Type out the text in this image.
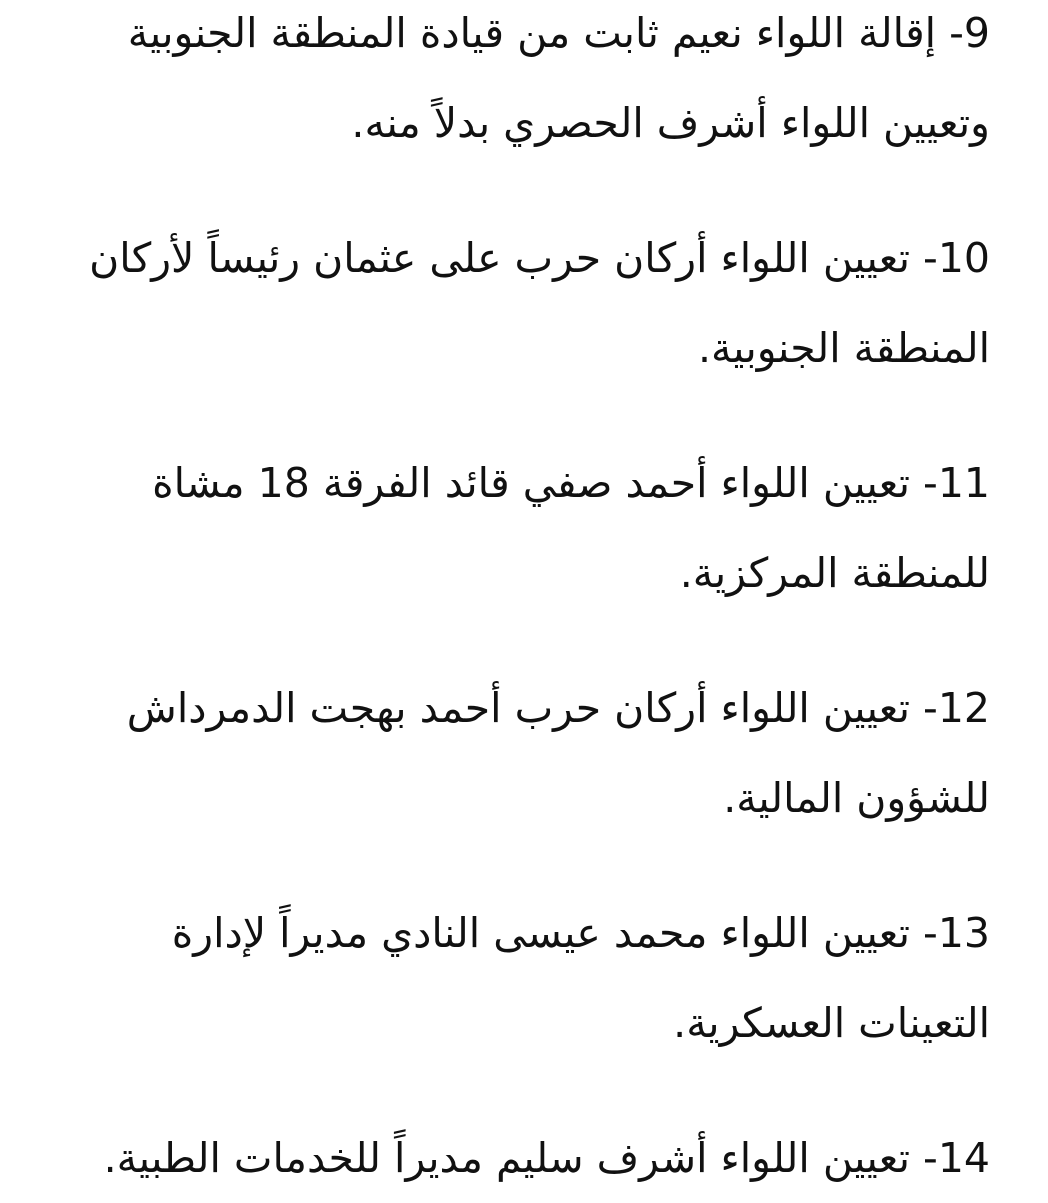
9- إقالة اللواء نعيم ثابت من قيادة المنطقة الجنوبية
وتعيين اللواء أشرف الحصري بدلاً منه.

10- تعيين اللواء أركان حرب على عثمان رئيساً لأركان
المنطقة الجنوبية.

11- تعيين اللواء أحمد صفي قائد الفرقة 18 مشاة
للمنطقة المركزية.

12- تعيين اللواء أركان حرب أحمد بهجت الدمرداش
للشؤون المالية.

13- تعيين اللواء محمد عيسى النادي مديراً لإدارة
التعينات العسكرية.

14- تعيين اللواء أشرف سليم مديراً للخدمات الطبية.
